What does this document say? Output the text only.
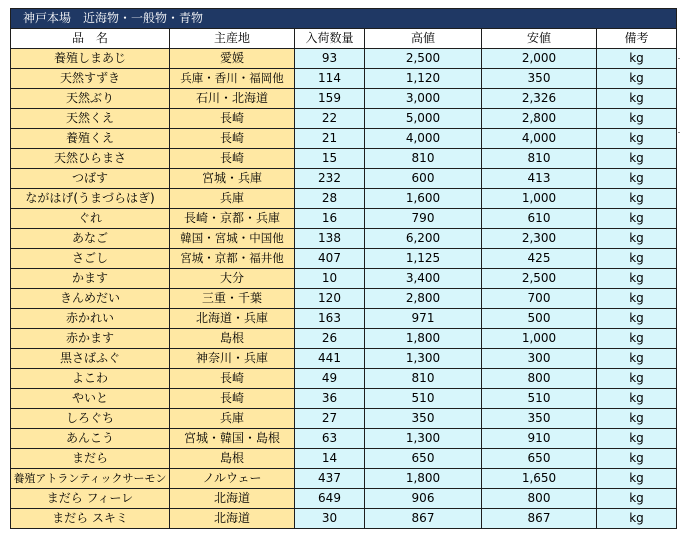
神戸本場　近海物・一般物・青物					
品　名	主産地	入荷数量	高値	安値	備考
養殖しまあじ	愛媛	93	2,500	2,000	kg
天然すずき	兵庫・香川・福岡他	114	1,120	350	kg
天然ぶり	石川・北海道	159	3,000	2,326	kg
天然くえ	長崎	22	5,000	2,800	kg
養殖くえ	長崎	21	4,000	4,000	kg
天然ひらまさ	長崎	15	810	810	kg
つばす	宮城・兵庫	232	600	413	kg
ながはげ(うまづらはぎ)	兵庫	28	1,600	1,000	kg
ぐれ	長崎・京都・兵庫	16	790	610	kg
あなご	韓国・宮城・中国他	138	6,200	2,300	kg
さごし	宮城・京都・福井他	407	1,125	425	kg
かます	大分	10	3,400	2,500	kg
きんめだい	三重・千葉	120	2,800	700	kg
赤かれい	北海道・兵庫	163	971	500	kg
赤かます	島根	26	1,800	1,000	kg
黒さばふぐ	神奈川・兵庫	441	1,300	300	kg
よこわ	長崎	49	810	800	kg
やいと	長崎	36	510	510	kg
しろぐち	兵庫	27	350	350	kg
あんこう	宮城・韓国・島根	63	1,300	910	kg
まだら	島根	14	650	650	kg
養殖アトランティックサーモン	ノルウェー	437	1,800	1,650	kg
まだら フィーレ	北海道	649	906	800	kg
まだら スキミ	北海道	30	867	867	kg
